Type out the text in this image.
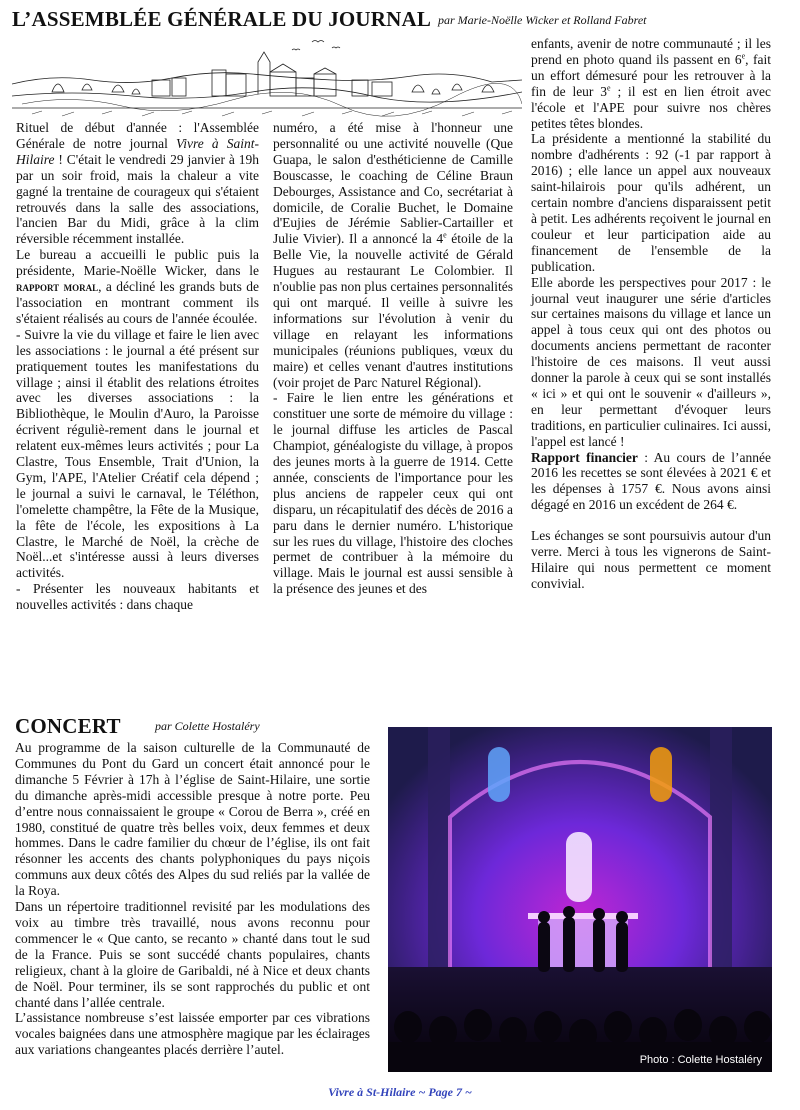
L’ASSEMBLÉE GÉNÉRALE DU JOURNAL par Marie-Noëlle Wicker et Rolland Fabret

Rituel de début d'année : l'Assemblée Générale de notre journal Vivre à Saint-Hilaire ! C'était le vendredi 29 janvier à 19h par un soir froid, mais la chaleur a vite gagné la trentaine de courageux qui s'étaient retrouvés dans la salle des associations, l'ancien Bar du Midi, grâce à la clim réversible récemment installée.

Le bureau a accueilli le public puis la présidente, Marie-Noëlle Wicker, dans le rapport moral, a décliné les grands buts de l'association en montrant comment ils s'étaient réalisés au cours de l'année écoulée.

- Suivre la vie du village et faire le lien avec les associations : le journal a été présent sur pratiquement toutes les manifestations du village ; ainsi il établit des relations étroites avec les diverses associations : la Bibliothèque, le Moulin d'Auro, la Paroisse écrivent réguliè-rement dans le journal et relatent eux-mêmes leurs activités ; pour La Clastre, Tous Ensemble, Trait d'Union, la Gym, l'APE, l'Atelier Créatif cela dépend ; le journal a suivi le carnaval, le Téléthon, l'omelette champêtre, la Fête de la Musique, la fête de l'école, les expositions à La Clastre, le Marché de Noël, la crèche de Noël...et s'intéresse aussi à leurs diverses activités.

- Présenter les nouveaux habitants et nouvelles activités : dans chaque

numéro, a été mise à l'honneur une personnalité ou une activité nouvelle (Que Guapa, le salon d'esthéticienne de Camille Bouscasse, le coaching de Céline Braun Debourges, Assistance and Co, secrétariat à domicile, de Coralie Buchet, le Domaine d'Eujies de Jérémie Sablier-Cartailler et Julie Vivier). Il a annoncé la 4e étoile de la Belle Vie, la nouvelle activité de Gérald Hugues au restaurant Le Colombier. Il n'oublie pas non plus certaines personnalités qui ont marqué. Il veille à suivre les informations sur l'évolution à venir du village en relayant les informations municipales (réunions publiques, vœux du maire) et celles venant d'autres institutions (voir projet de Parc Naturel Régional).

- Faire le lien entre les générations et constituer une sorte de mémoire du village : le journal diffuse les articles de Pascal Champiot, généalogiste du village, à propos des jeunes morts à la guerre de 1914. Cette année, conscients de l'importance pour les plus anciens de rappeler ceux qui ont disparu, un récapitulatif des décès de 2016 a paru dans le dernier numéro. L'historique sur les rues du village, l'histoire des cloches permet de contribuer à la mémoire du village. Mais le journal est aussi sensible à la présence des jeunes et des

enfants, avenir de notre communauté ; il les prend en photo quand ils passent en 6e, fait un effort démesuré pour les retrouver à la fin de leur 3e ; il est en lien étroit avec l'école et l'APE pour suivre nos chères petites têtes blondes.

La présidente a mentionné la stabilité du nombre d'adhérents : 92 (-1 par rapport à 2016) ; elle lance un appel aux nouveaux saint-hilairois pour qu'ils adhérent, un certain nombre d'anciens disparaissent petit à petit. Les adhérents reçoivent le journal en couleur et leur participation aide au financement de l'ensemble de la publication.

Elle aborde les perspectives pour 2017 : le journal veut inaugurer une série d'articles sur certaines maisons du village et lance un appel à tous ceux qui ont des photos ou documents anciens permettant de raconter l'histoire de ces maisons. Il veut aussi donner la parole à ceux qui se sont installés « ici » et qui ont le souvenir « d'ailleurs », en leur permettant d'évoquer leurs traditions, en particulier culinaires. Ici aussi, l'appel est lancé !

Rapport financier : Au cours de l’année 2016 les recettes se sont élevées à 2021 € et les dépenses à 1757 €. Nous avons ainsi dégagé en 2016 un excédent de 264 €.

Les échanges se sont poursuivis autour d'un verre. Merci à tous les vignerons de Saint-Hilaire qui nous permettent ce moment convivial.

CONCERT	par Colette Hostaléry

Au programme de la saison culturelle de la Communauté de Communes du Pont du Gard un concert était annoncé pour le dimanche 5 Février à 17h à l’église de Saint-Hilaire, une sortie du dimanche après-midi accessible presque à notre porte. Peu d’entre nous connaissaient le groupe « Corou de Berra », créé en 1980, constitué de quatre très belles voix, deux femmes et deux hommes. Dans le cadre familier du chœur de l’église, ils ont fait résonner les accents des chants polyphoniques du pays niçois communs aux deux côtés des Alpes du sud reliés par la vallée de la Roya.

Dans un répertoire traditionnel revisité par les modulations des voix au timbre très travaillé, nous avons reconnu pour commencer le « Que canto, se recanto » chanté dans tout le sud de la France. Puis se sont succédé chants populaires, chants religieux, chant à la gloire de Garibaldi, né à Nice et deux chants de Noël. Pour terminer, ils se sont rapprochés du public et ont chanté dans l’allée centrale.

L’assistance nombreuse s’est laissée emporter par ces vibrations vocales baignées dans une atmosphère magique par les éclairages aux variations changeantes placés derrière l’autel.

Photo : Colette Hostaléry
Vivre à St-Hilaire ~ Page 7 ~
